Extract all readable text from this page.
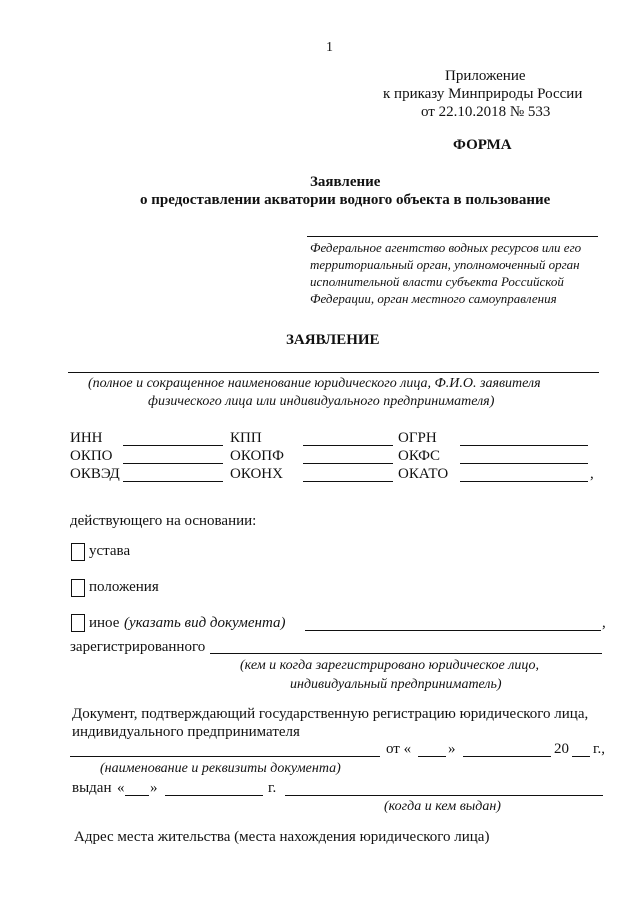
1
Приложение
к приказу Минприроды России
от 22.10.2018 № 533
ФОРМА
Заявление
о предоставлении акватории водного объекта в пользование
Федеральное агентство водных ресурсов или его
территориальный орган, уполномоченный орган
исполнительной власти субъекта Российской
Федерации, орган местного самоуправления
ЗАЯВЛЕНИЕ
(полное и сокращенное наименование юридического лица, Ф.И.О. заявителя
физического лица или индивидуального предпринимателя)
ИНН	КПП	ОГРН
ОКПО	ОКОПФ	ОКФС
ОКВЭД	ОКОНХ	ОКАТО	,
действующего на основании:
устава
положения
иное (указать вид документа)	,
зарегистрированного
(кем и когда зарегистрировано юридическое лицо,
индивидуальный предприниматель)
Документ, подтверждающий государственную регистрацию юридического лица,
индивидуального предпринимателя
от « »	20 г.,
(наименование и реквизиты документа)
выдан « »	г.
(когда и кем выдан)
Адрес места жительства (места нахождения юридического лица)
